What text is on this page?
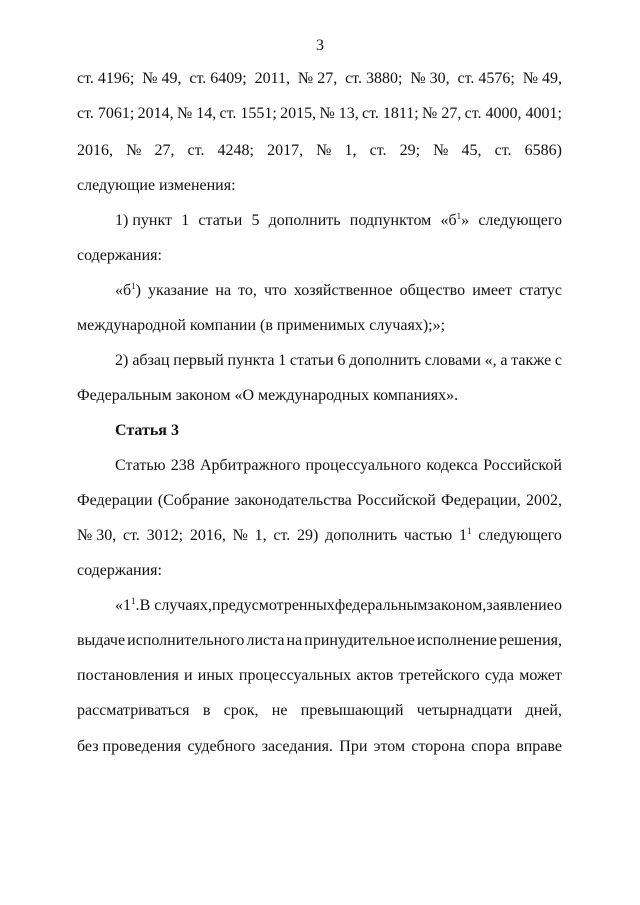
3
ст. 4196; № 49, ст. 6409; 2011, № 27, ст. 3880; № 30, ст. 4576; № 49,
ст. 7061; 2014, № 14, ст. 1551; 2015, № 13, ст. 1811; № 27, ст. 4000, 4001;
2016, № 27, ст. 4248; 2017, № 1, ст. 29; № 45, ст. 6586)
следующие изменения:
1) пункт 1 статьи 5 дополнить подпунктом «$б^1$» следующего
содержания:
«$б^1$) указание на то, что хозяйственное общество имеет статус
международной компании (в применимых случаях);»;
2) абзац первый пункта 1 статьи 6 дополнить словами «, а также с
Федеральным законом «О международных компаниях».
Статья 3
Статью 238 Арбитражного процессуального кодекса Российской
Федерации (Собрание законодательства Российской Федерации, 2002,
№ 30, ст. 3012; 2016, № 1, ст. 29) дополнить частью $1^1$ следующего
содержания:
«$1^1$. В случаях, предусмотренных федеральным законом, заявление о
выдаче исполнительного листа на принудительное исполнение решения,
постановления и иных процессуальных актов третейского суда может
рассматриваться в срок, не превышающий четырнадцати дней,
без проведения судебного заседания. При этом сторона спора вправе
